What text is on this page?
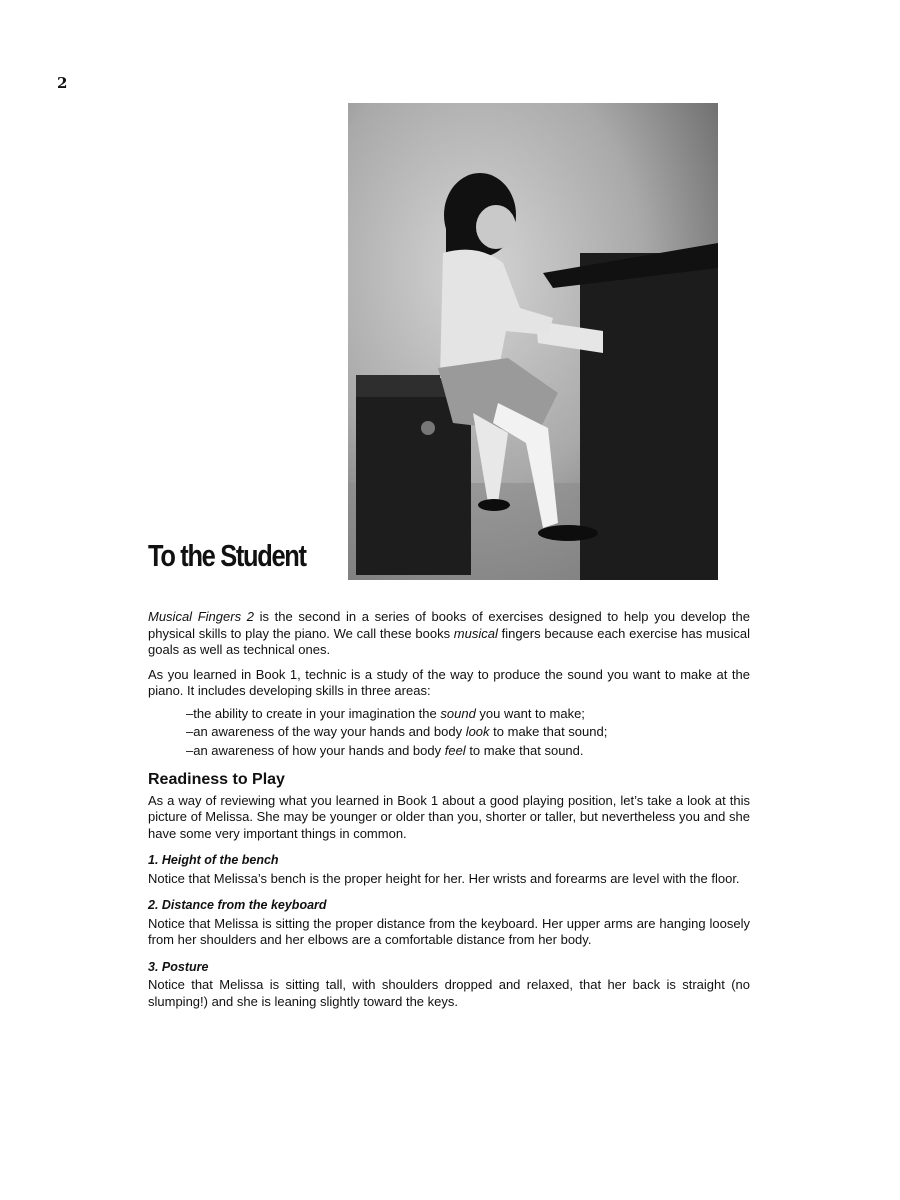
2
To the Student

Musical Fingers 2 is the second in a series of books of exercises designed to help you develop the physical skills to play the piano. We call these books musical fingers because each exercise has musical goals as well as technical ones.

As you learned in Book 1, technic is a study of the way to produce the sound you want to make at the piano. It includes developing skills in three areas:

–the ability to create in your imagination the sound you want to make;
–an awareness of the way your hands and body look to make that sound;
–an awareness of how your hands and body feel to make that sound.
Readiness to Play

As a way of reviewing what you learned in Book 1 about a good playing position, let’s take a look at this picture of Melissa. She may be younger or older than you, shorter or taller, but nevertheless you and she have some very important things in common.

1. Height of the bench

Notice that Melissa’s bench is the proper height for her. Her wrists and forearms are level with the floor.

2. Distance from the keyboard

Notice that Melissa is sitting the proper distance from the keyboard. Her upper arms are hanging loosely from her shoulders and her elbows are a comfortable distance from her body.

3. Posture

Notice that Melissa is sitting tall, with shoulders dropped and relaxed, that her back is straight (no slumping!) and she is leaning slightly toward the keys.
